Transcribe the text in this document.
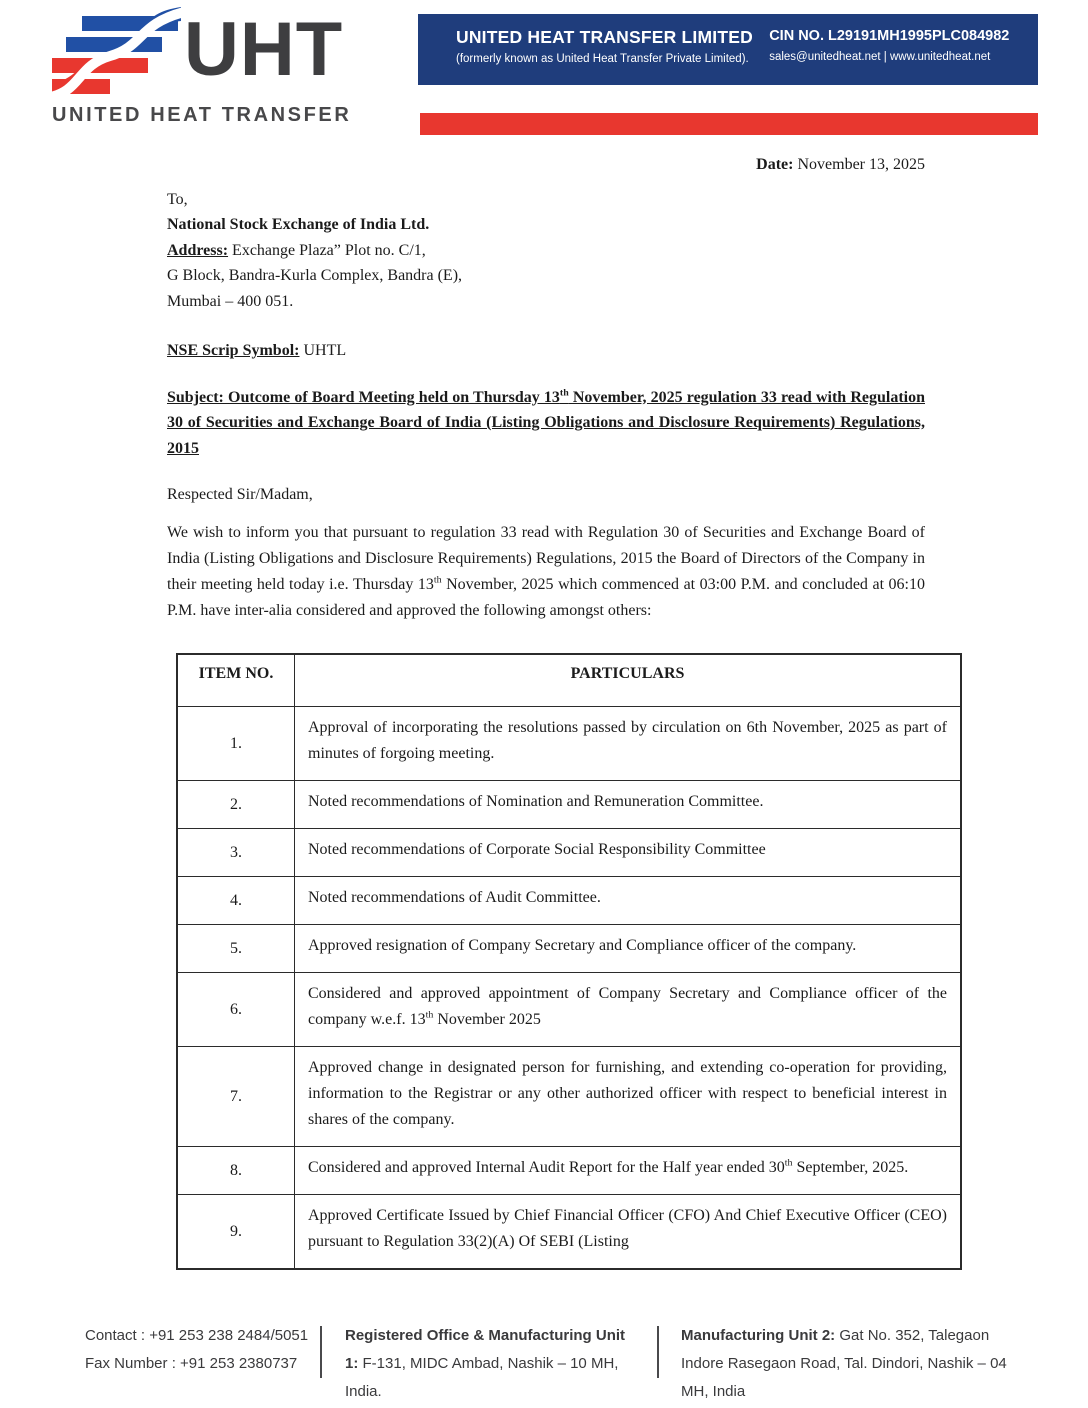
UHT
UNITED HEAT TRANSFER
UNITED HEAT TRANSFER LIMITED
(formerly known as United Heat Transfer Private Limited).
CIN NO. L29191MH1995PLC084982
sales@unitedheat.net | www.unitedheat.net
Date: November 13, 2025
To,
National Stock Exchange of India Ltd.
Address: Exchange Plaza” Plot no. C/1,
G Block, Bandra-Kurla Complex, Bandra (E),
Mumbai – 400 051.
NSE Scrip Symbol: UHTL

Subject: Outcome of Board Meeting held on Thursday 13th November, 2025 regulation 33 read with Regulation 30 of Securities and Exchange Board of India (Listing Obligations and Disclosure Requirements) Regulations, 2015

Respected Sir/Madam,

We wish to inform you that pursuant to regulation 33 read with Regulation 30 of Securities and Exchange Board of India (Listing Obligations and Disclosure Requirements) Regulations, 2015 the Board of Directors of the Company in their meeting held today i.e. Thursday 13th November, 2025 which commenced at 03:00 P.M. and concluded at 06:10 P.M. have inter-alia considered and approved the following amongst others:

ITEM NO.	PARTICULARS
1.	Approval of incorporating the resolutions passed by circulation on 6th November, 2025 as part of minutes of forgoing meeting.
2.	Noted recommendations of Nomination and Remuneration Committee.
3.	Noted recommendations of Corporate Social Responsibility Committee
4.	Noted recommendations of Audit Committee.
5.	Approved resignation of Company Secretary and Compliance officer of the company.
6.	Considered and approved appointment of Company Secretary and Compliance officer of the company w.e.f. 13th November 2025
7.	Approved change in designated person for furnishing, and extending co-operation for providing, information to the Registrar or any other authorized officer with respect to beneficial interest in shares of the company.
8.	Considered and approved Internal Audit Report for the Half year ended 30th September, 2025.
9.	Approved Certificate Issued by Chief Financial Officer (CFO) And Chief Executive Officer (CEO) pursuant to Regulation 33(2)(A) Of SEBI (Listing
Contact : +91 253 238 2484/5051
Fax Number : +91 253 2380737
Registered Office & Manufacturing Unit 1: F-131, MIDC Ambad, Nashik – 10 MH, India.
Manufacturing Unit 2: Gat No. 352, Talegaon Indore Rasegaon Road, Tal. Dindori, Nashik – 04 MH, India
